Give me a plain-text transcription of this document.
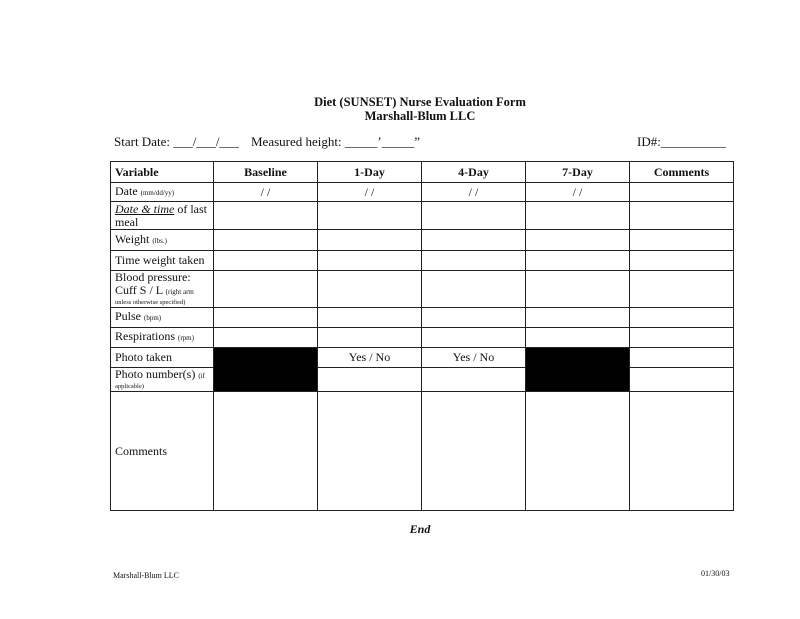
Diet (SUNSET) Nurse Evaluation Form
Marshall-Blum LLC
Start Date: ___/___/___ Measured height: _____’_____”	ID#:__________
Variable	Baseline	1-Day	4-Day	7-Day	Comments
Date (mm/dd/yy)	/ /	/ /	/ /	/ /	
Date & time of last meal					
Weight (lbs.)					
Time weight taken					

Blood pressure:
Cuff S / L (right arm
unless otherwise specified)					

Pulse (bpm)					
Respirations (rpm)					
Photo taken		Yes / No	Yes / No		

Photo number(s) (if
applicable)					

Comments					
End
Marshall-Blum LLC	01/30/03
